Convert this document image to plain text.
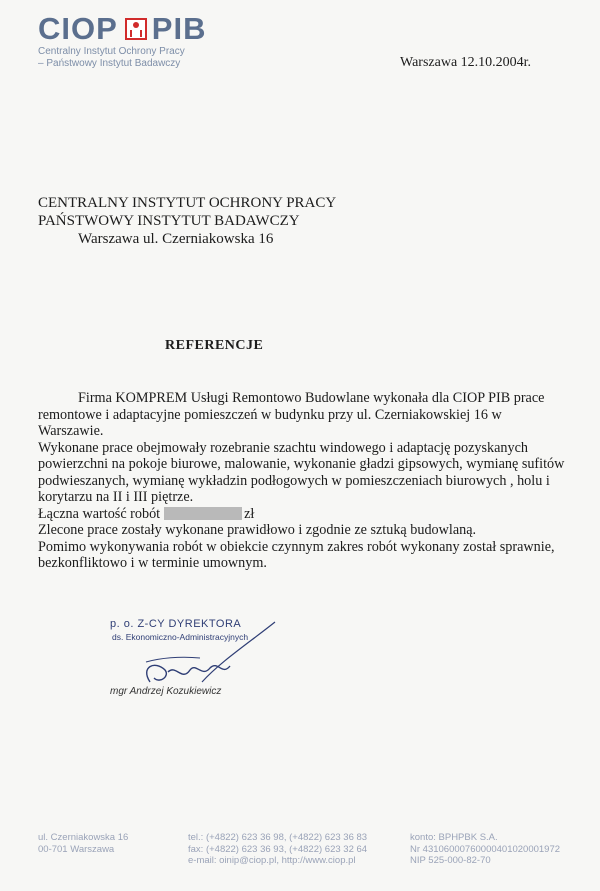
CIOP PIB
Centralny Instytut Ochrony Pracy
– Państwowy Instytut Badawczy	Warszawa 12.10.2004r.
CENTRALNY INSTYTUT OCHRONY PRACY
PAŃSTWOWY INSTYTUT BADAWCZY
Warszawa ul. Czerniakowska 16
REFERENCJE

Firma KOMPREM Usługi Remontowo Budowlane wykonała dla CIOP PIB prace remontowe i adaptacyjne pomieszczeń w budynku przy ul. Czerniakowskiej 16 w Warszawie.

Wykonane prace obejmowały rozebranie szachtu windowego i adaptację pozyskanych powierzchni na pokoje biurowe, malowanie, wykonanie gładzi gipsowych, wymianę sufitów podwieszanych, wymianę wykładzin podłogowych w pomieszczeniach biurowych , holu i korytarzu na II i III piętrze.

Łączna wartość robót	zł

Zlecone prace zostały wykonane prawidłowo i zgodnie ze sztuką budowlaną.

Pomimo wykonywania robót w obiekcie czynnym zakres robót wykonany został sprawnie, bezkonfliktowo i w terminie umownym.

p. o. Z-CY DYREKTORA
ds. Ekonomiczno-Administracyjnych
mgr Andrzej Kozukiewicz
ul. Czerniakowska 16
00-701 Warszawa
tel.: (+4822) 623 36 98, (+4822) 623 36 83
fax: (+4822) 623 36 93, (+4822) 623 32 64
e-mail: oinip@ciop.pl, http://www.ciop.pl
konto: BPHPBK S.A.
Nr 43106000760000401020001972
NIP 525-000-82-70
